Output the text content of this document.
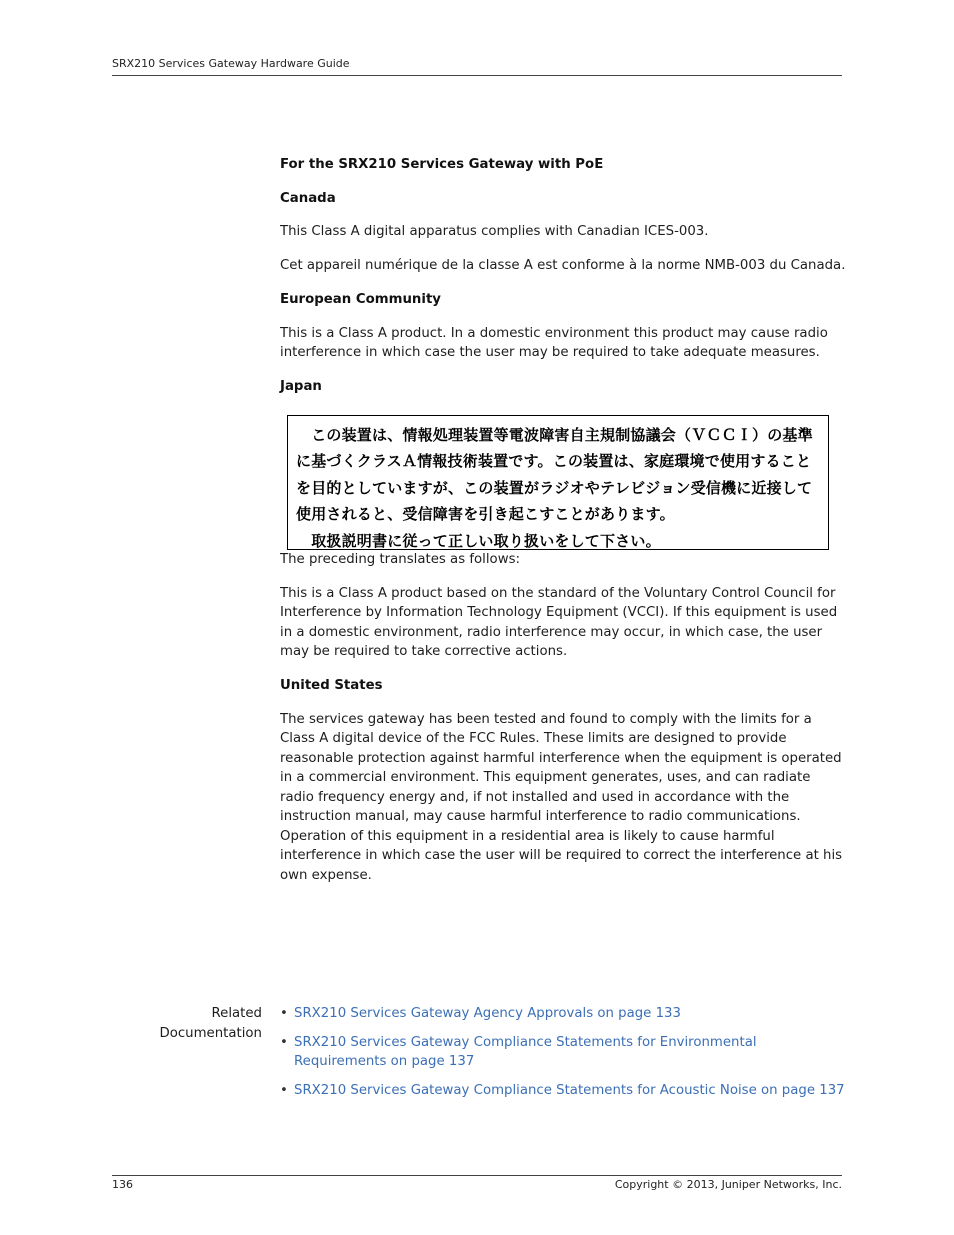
SRX210 Services Gateway Hardware Guide
For the SRX210 Services Gateway with PoE
Canada

This Class A digital apparatus complies with Canadian ICES-003.

Cet appareil numérique de la classe A est conforme à la norme NMB-003 du Canada.

European Community

This is a Class A product. In a domestic environment this product may cause radio interference in which case the user may be required to take adequate measures.

Japan
　この装置は、情報処理装置等電波障害自主規制協議会（ＶＣＣＩ）の基準
に基づくクラスＡ情報技術装置です。この装置は、家庭環境で使用すること
を目的としていますが、この装置がラジオやテレビジョン受信機に近接して
使用されると、受信障害を引き起こすことがあります。
　取扱説明書に従って正しい取り扱いをして下さい。

The preceding translates as follows:

This is a Class A product based on the standard of the Voluntary Control Council for Interference by Information Technology Equipment (VCCI). If this equipment is used in a domestic environment, radio interference may occur, in which case, the user may be required to take corrective actions.

United States

The services gateway has been tested and found to comply with the limits for a Class A digital device of the FCC Rules. These limits are designed to provide reasonable protection against harmful interference when the equipment is operated in a commercial environment. This equipment generates, uses, and can radiate radio frequency energy and, if not installed and used in accordance with the instruction manual, may cause harmful interference to radio communications. Operation of this equipment in a residential area is likely to cause harmful interference in which case the user will be required to correct the interference at his own expense.

Related
Documentation
• SRX210 Services Gateway Agency Approvals on page 133
• SRX210 Services Gateway Compliance Statements for Environmental Requirements on page 137
• SRX210 Services Gateway Compliance Statements for Acoustic Noise on page 137
136	Copyright © 2013, Juniper Networks, Inc.
